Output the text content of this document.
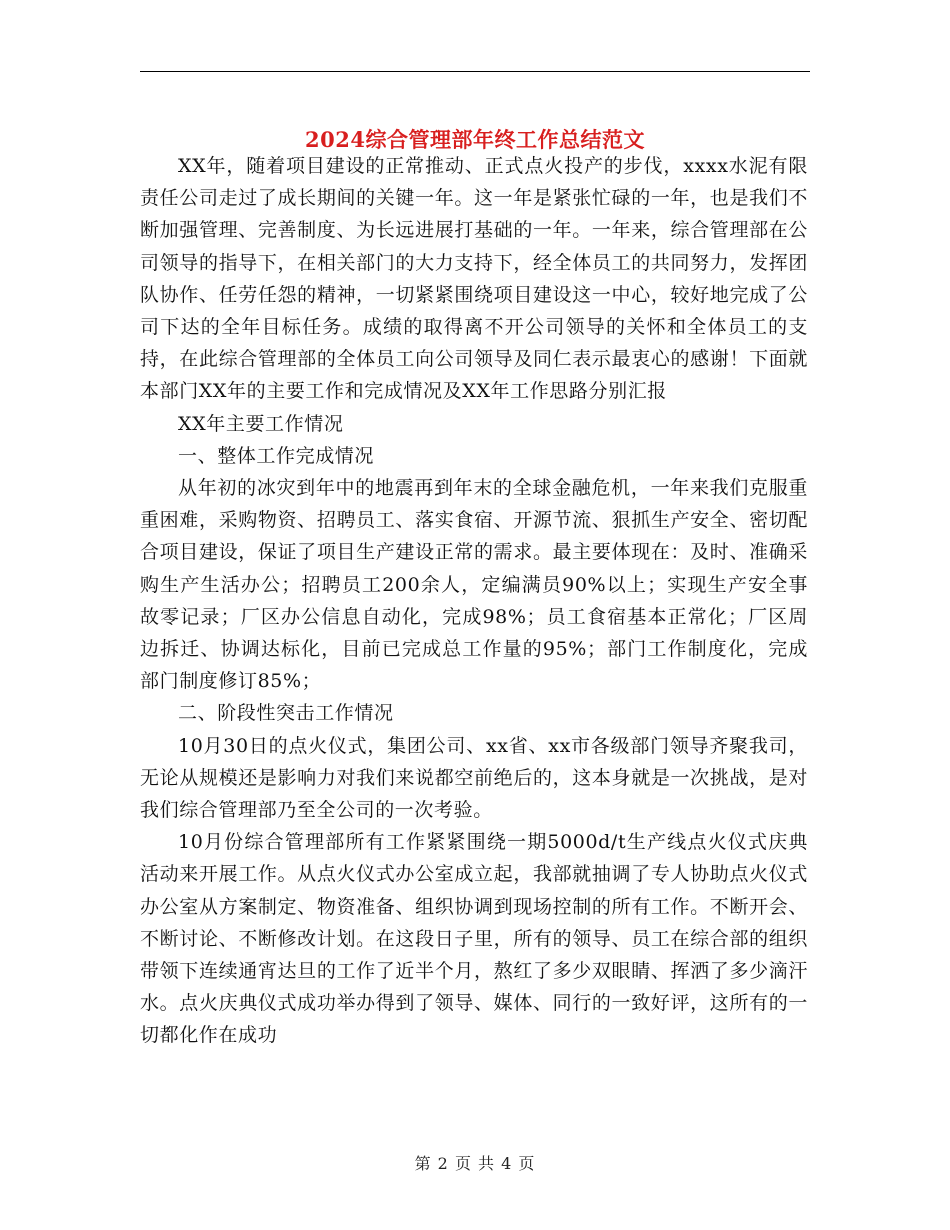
2024综合管理部年终工作总结范文

XX年，随着项目建设的正常推动、正式点火投产的步伐，xxxx水泥有限责任公司走过了成长期间的关键一年。这一年是紧张忙碌的一年，也是我们不断加强管理、完善制度、为长远进展打基础的一年。一年来，综合管理部在公司领导的指导下，在相关部门的大力支持下，经全体员工的共同努力，发挥团队协作、任劳任怨的精神，一切紧紧围绕项目建设这一中心，较好地完成了公司下达的全年目标任务。成绩的取得离不开公司领导的关怀和全体员工的支持，在此综合管理部的全体员工向公司领导及同仁表示最衷心的感谢！下面就本部门XX年的主要工作和完成情况及XX年工作思路分别汇报

XX年主要工作情况

一、整体工作完成情况

从年初的冰灾到年中的地震再到年末的全球金融危机，一年来我们克服重重困难，采购物资、招聘员工、落实食宿、开源节流、狠抓生产安全、密切配合项目建设，保证了项目生产建设正常的需求。最主要体现在：及时、准确采购生产生活办公；招聘员工200余人，定编满员90%以上；实现生产安全事故零记录；厂区办公信息自动化，完成98%；员工食宿基本正常化；厂区周边拆迁、协调达标化，目前已完成总工作量的95%；部门工作制度化，完成部门制度修订85%；

二、阶段性突击工作情况

10月30日的点火仪式，集团公司、xx省、xx市各级部门领导齐聚我司，无论从规模还是影响力对我们来说都空前绝后的，这本身就是一次挑战，是对我们综合管理部乃至全公司的一次考验。

10月份综合管理部所有工作紧紧围绕一期5000d/t生产线点火仪式庆典活动来开展工作。从点火仪式办公室成立起，我部就抽调了专人协助点火仪式办公室从方案制定、物资准备、组织协调到现场控制的所有工作。不断开会、不断讨论、不断修改计划。在这段日子里，所有的领导、员工在综合部的组织带领下连续通宵达旦的工作了近半个月，熬红了多少双眼睛、挥洒了多少滴汗水。点火庆典仪式成功举办得到了领导、媒体、同行的一致好评，这所有的一切都化作在成功

第 2 页 共 4 页
